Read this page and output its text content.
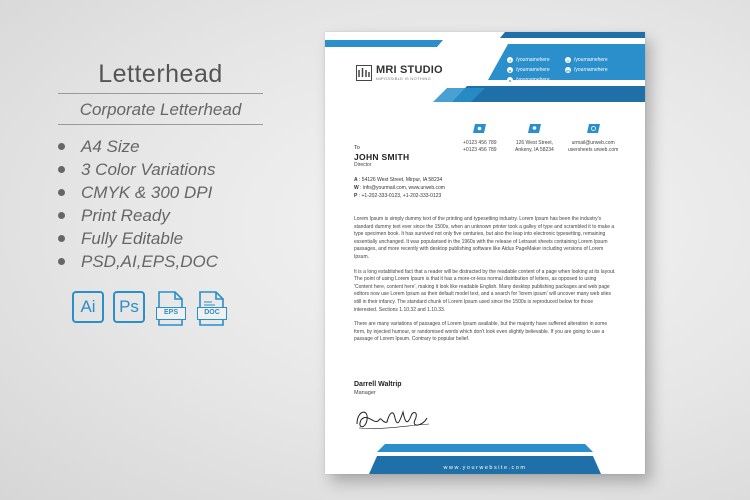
Letterhead
Corporate Letterhead
A4 Size
3 Color Variations
CMYK & 300 DPI
Print Ready
Fully Editable
PSD,AI,EPS,DOC
Ai	Ps	EPS	DOC
MRI STUDIO
IMPOSSIBLE IS NOTHING
f	/yournamehere
o /yournamehere
s /yournamehere
t	/yournamehere
in /yournamehere
+0123 456 789
+0123 456 789
126 West Street,
Ankeny, IA 58234
urmail@urweb.com
usersheets urweb.com
To
JOHN SMITH
Director
A : 54126 West Street, Mirpur, IA 58234
W : info@yourmail.com, www.urweb.com
P : +1-202-333-0123, +1-202-333-0123

Lorem Ipsum is simply dummy text of the printing and typesetting industry. Lorem Ipsum has been the industry's standard dummy text ever since the 1500s, when an unknown printer took a galley of type and scrambled it to make a type specimen book. It has survived not only five centuries, but also the leap into electronic typesetting, remaining essentially unchanged. It was popularised in the 1960s with the release of Letraset sheets containing Lorem Ipsum passages, and more recently with desktop publishing software like Aldus PageMaker including versions of Lorem Ipsum.

It is a long established fact that a reader will be distracted by the readable content of a page when looking at its layout. The point of using Lorem Ipsum is that it has a more-or-less normal distribution of letters, as opposed to using 'Content here, content here', making it look like readable English. Many desktop publishing packages and web page editors now use Lorem Ipsum as their default model text, and a search for 'lorem ipsum' will uncover many web sites still in their infancy. The standard chunk of Lorem Ipsum used since the 1500s is reproduced below for those interested. Sections 1.10.32 and 1.10.33.

There are many variations of passages of Lorem Ipsum available, but the majority have suffered alteration in some form, by injected humour, or randomised words which don't look even slightly believable. If you are going to use a passage of Lorem Ipsum. Contrary to popular belief.

Darrell Waltrip
Manager
www.yourwebsite.com
